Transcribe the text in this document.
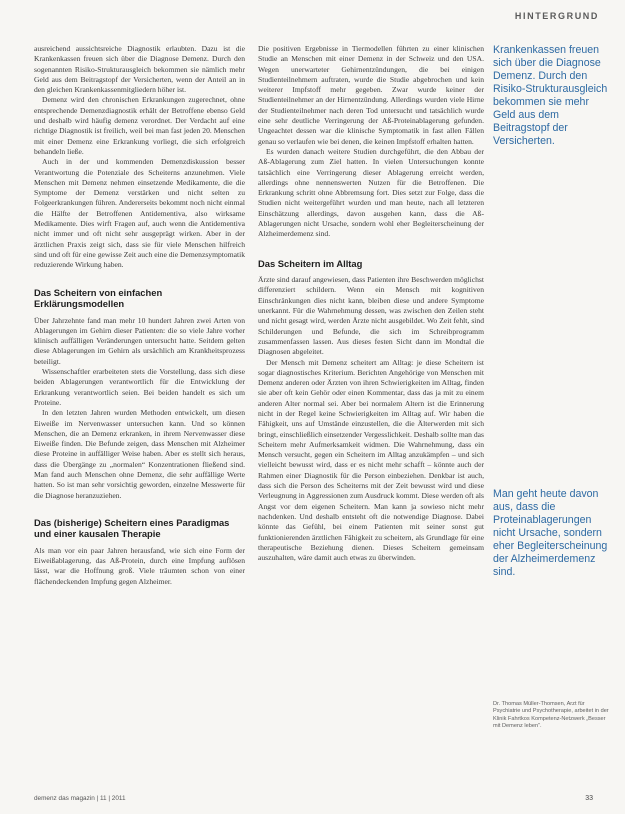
HINTERGRUND

ausreichend aussichtsreiche Diagnostik erlaubten. Dazu ist die Krankenkassen freuen sich über die Diagnose Demenz. Durch den sogenannten Risiko-Strukturausgleich bekommen sie nämlich mehr Geld aus dem Beitragstopf der Versicherten, wenn der Anteil an in den gleichen Krankenkassenmitgliedern höher ist.

Demenz wird den chronischen Erkrankungen zugerechnet, ohne entsprechende Demenzdiagnostik erhält der Betroffene ebenso Geld und deshalb wird häufig demenz verordnet. Der Verdacht auf eine richtige Diagnostik ist freilich, weil bei man fast jeden 20. Menschen mit einer Demenz eine Erkrankung vorliegt, die sich erfolgreich behandeln ließe.

Auch in der und kommenden Demenzdiskussion besser Verantwortung die Potenziale des Scheiterns anzunehmen. Viele Menschen mit Demenz nehmen einsetzende Medikamente, die die Symptome der Demenz verstärken und nicht selten zu Folgeerkrankungen führen. Andererseits bekommt noch nicht einmal die Hälfte der Betroffenen Antidementiva, also wirksame Medikamente. Dies wirft Fragen auf, auch wenn die Antidementiva nicht immer und oft nicht sehr ausgeprägt wirken. Aber in der ärztlichen Praxis zeigt sich, dass sie für viele Menschen hilfreich sind und oft für eine gewisse Zeit auch eine die Demenzsymptomatik reduzierende Wirkung haben.

Das Scheitern von einfachen Erklärungsmodellen

Über Jahrzehnte fand man mehr 10 hundert Jahren zwei Arten von Ablagerungen im Gehirn dieser Patienten: die so viele Jahre vorher klinisch auffälligen Veränderungen untersucht hatte. Seitdem gelten diese Ablagerungen im Gehirn als ursächlich am Krankheitsprozess beteiligt.

Wissenschaftler erarbeiteten stets die Vorstellung, dass sich diese beiden Ablagerungen verantwortlich für die Entwicklung der Erkrankung verantwortlich seien. Bei beiden handelt es sich um Proteine.

In den letzten Jahren wurden Methoden entwickelt, um diesen Eiweiße im Nervenwasser untersuchen kann. Und so können Menschen, die an Demenz erkranken, in ihrem Nervenwasser diese Eiweiße finden. Die Befunde zeigen, dass Menschen mit Alzheimer diese Proteine in auffälliger Weise haben. Aber es stellt sich heraus, dass die Übergänge zu „normalen“ Konzentrationen fließend sind. Man fand auch Menschen ohne Demenz, die sehr auffällige Werte hatten. So ist man sehr vorsichtig geworden, einzelne Messwerte für die Diagnose heranzuziehen.

Das (bisherige) Scheitern eines Paradigmas und einer kausalen Therapie

Als man vor ein paar Jahren herausfand, wie sich eine Form der Eiweißablagerung, das Aß-Protein, durch eine Impfung auflösen lässt, war die Hoffnung groß. Viele träumten schon von einer flächendeckenden Impfung gegen Alzheimer.

Die positiven Ergebnisse in Tiermodellen führten zu einer klinischen Studie an Menschen mit einer Demenz in der Schweiz und den USA. Wegen unerwarteter Gehirnentzündungen, die bei einigen Studienteilnehmern auftraten, wurde die Studie abgebrochen und kein weiterer Impfstoff mehr gegeben. Zwar wurde keiner der Studienteilnehmer an der Hirnentzündung. Allerdings wurden viele Hirne der Studienteilnehmer nach deren Tod untersucht und tatsächlich wurde eine sehr deutliche Verringerung der Aß-Proteinablagerung gefunden. Ungeachtet dessen war die klinische Symptomatik in fast allen Fällen genau so verlaufen wie bei denen, die keinen Impfstoff erhalten hatten.

Es wurden danach weitere Studien durchgeführt, die den Abbau der Aß-Ablagerung zum Ziel hatten. In vielen Untersuchungen konnte tatsächlich eine Verringerung dieser Ablagerung erreicht werden, allerdings ohne nennenswerten Nutzen für die Betroffenen. Die Erkrankung schritt ohne Abbremsung fort. Dies setzt zur Folge, dass die Studien nicht weitergeführt wurden und man heute, nach all letzteren Einschätzung allerdings, davon ausgehen kann, dass die Aß-Ablagerungen nicht Ursache, sondern wohl eher Begleiterscheinung der Alzheimerdemenz sind.

Das Scheitern im Alltag

Ärzte sind darauf angewiesen, dass Patienten ihre Beschwerden möglichst differenziert schildern. Wenn ein Mensch mit kognitiven Einschränkungen dies nicht kann, bleiben diese und andere Symptome unerkannt. Für die Wahrnehmung dessen, was zwischen den Zeilen steht und nicht gesagt wird, werden Ärzte nicht ausgebildet. Wo Zeit fehlt, sind Schilderungen und Befunde, die sich im Schreibprogramm zusammenfassen lassen. Aus dieses festen Sicht dann im Mondtal die Diagnosen abgeleitet.

Der Mensch mit Demenz scheitert am Alltag: je diese Scheitern ist sogar diagnostisches Kriterium. Berichten Angehörige von Menschen mit Demenz anderen oder Ärzten von ihren Schwierigkeiten im Alltag, finden sie aber oft kein Gehör oder einen Kommentar, dass das ja mit zu einem anderen Alter normal sei. Aber bei normalem Altern ist die Erinnerung nicht in der Regel keine Schwierigkeiten im Alltag auf. Wir haben die Fähigkeit, uns auf Umstände einzustellen, die die Älterwerden mit sich bringt, einschließlich einsetzender Vergesslichkeit. Deshalb sollte man das Scheitern mehr Aufmerksamkeit widmen. Die Wahrnehmung, dass ein Mensch versucht, gegen ein Scheitern im Alltag anzukämpfen – und sich vielleicht bewusst wird, dass er es nicht mehr schafft – könnte auch der Rahmen einer Diagnostik für die Person einbeziehen. Denkbar ist auch, dass sich die Person des Scheiterns mit der Zeit bewusst wird und diese Verleugnung in Aggressionen zum Ausdruck kommt. Diese werden oft als Angst vor dem eigenen Scheitern. Man kann ja sowieso nicht mehr nachdenken. Und deshalb entsteht oft die notwendige Diagnose. Dabei könnte das Gefühl, bei einem Patienten mit seiner sonst gut funktionierenden ärztlichen Fähigkeit zu scheitern, als Grundlage für eine therapeutische Beziehung dienen. Dieses Scheitern gemeinsam auszuhalten, wäre damit auch etwas zu überwinden.

Krankenkassen freuen sich über die Diagnose Demenz. Durch den Risiko-Strukturausgleich bekommen sie mehr Geld aus dem Beitragstopf der Versicherten.
Man geht heute davon aus, dass die Proteinablagerungen nicht Ursache, sondern eher Begleiterscheinung der Alzheimerdemenz sind.
Dr. Thomas Müller-Thomsen, Arzt für Psychiatrie und Psychotherapie, arbeitet in der Klinik Fahrtkos Kompetenz-Netzwerk „Besser mit Demenz leben“.
demenz das magazin | 11 | 2011	33
